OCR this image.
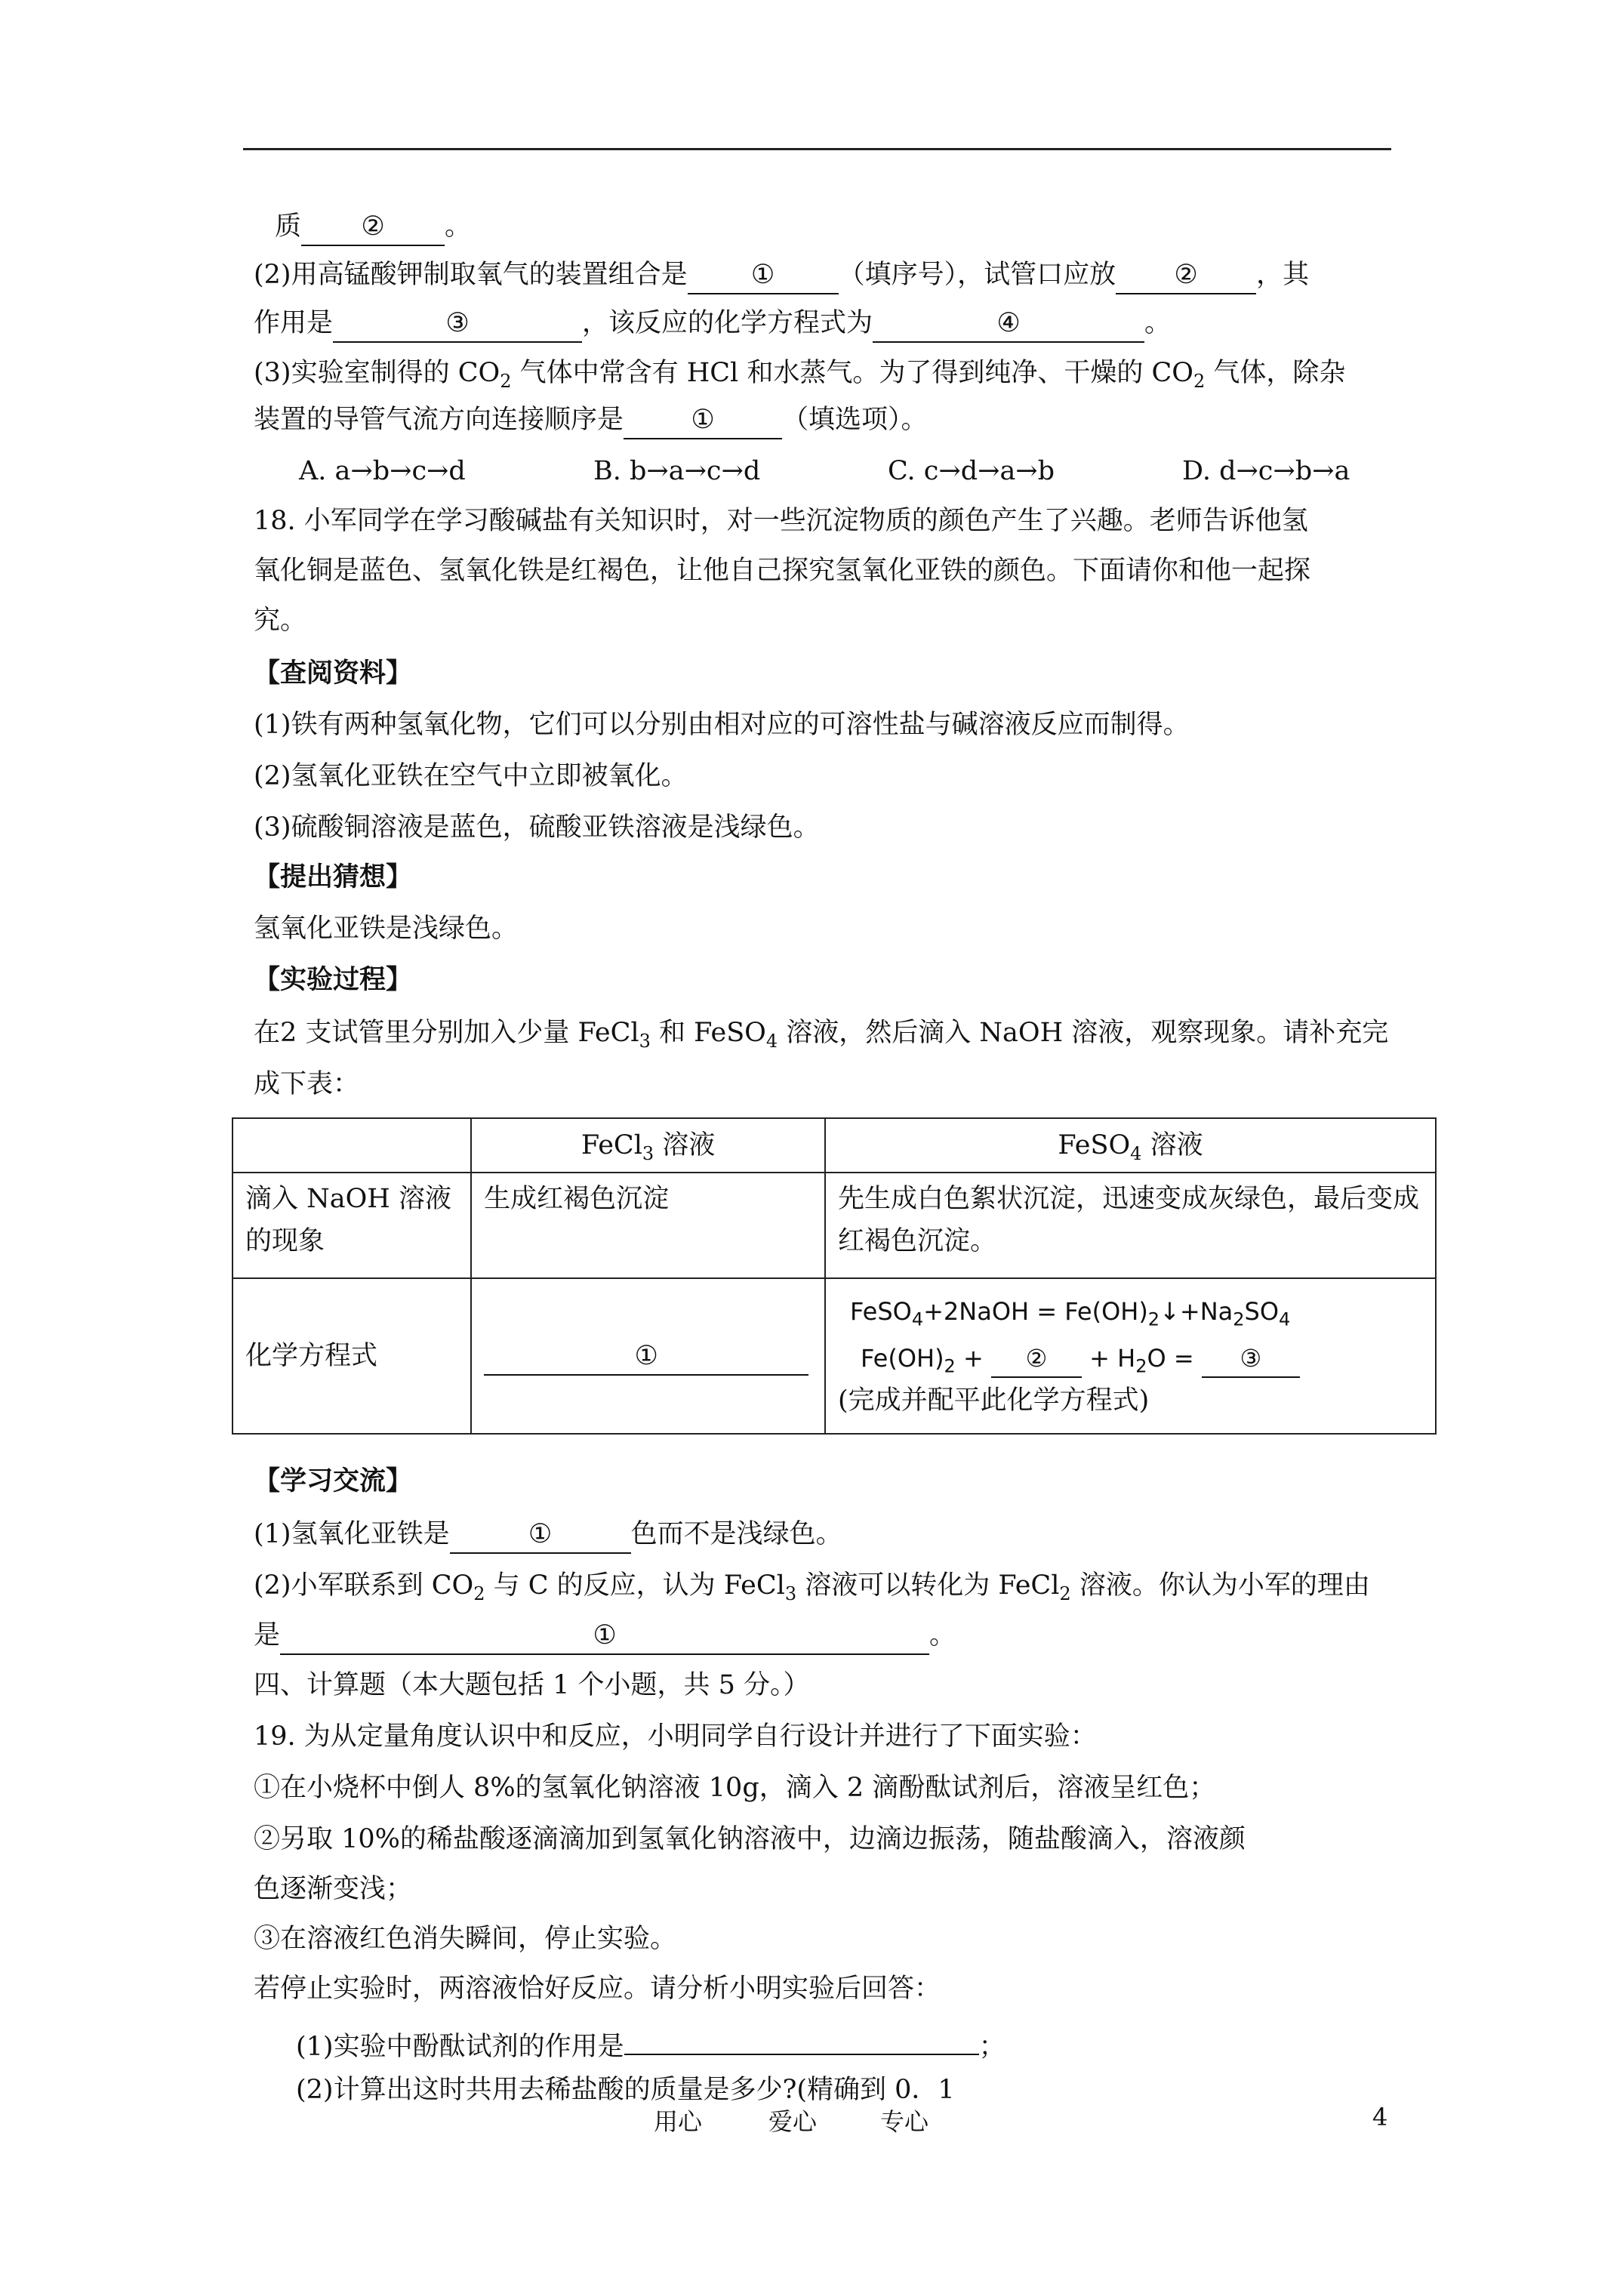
质 ② 。
(2)用高锰酸钾制取氧气的装置组合是 ① （填序号），试管口应放 ② ，其
作用是	③	，该反应的化学方程式为	④	。
(3)实验室制得的 $CO_2$ 气体中常含有 HCl 和水蒸气。为了得到纯净、干燥的 $CO_2$ 气体，除杂
装置的导管气流方向连接顺序是	①	（填选项）。
A. a→b→c→d	B. b→a→c→d	C. c→d→a→b	D. d→c→b→a
18. 小军同学在学习酸碱盐有关知识时，对一些沉淀物质的颜色产生了兴趣。老师告诉他氢
氧化铜是蓝色、氢氧化铁是红褐色，让他自己探究氢氧化亚铁的颜色。下面请你和他一起探
究。
【查阅资料】
(1)铁有两种氢氧化物，它们可以分别由相对应的可溶性盐与碱溶液反应而制得。
(2)氢氧化亚铁在空气中立即被氧化。
(3)硫酸铜溶液是蓝色，硫酸亚铁溶液是浅绿色。
【提出猜想】
氢氧化亚铁是浅绿色。
【实验过程】
在2 支试管里分别加入少量 FeCl$_3$ 和 FeSO$_4$ 溶液，然后滴入 NaOH 溶液，观察现象。请补充完
成下表：
	FeCl$_3$ 溶液	FeSO$_4$ 溶液
滴入 NaOH 溶液的现象	生成红褐色沉淀	先生成白色絮状沉淀，迅速变成灰绿色，最后变成红褐色沉淀。
化学方程式	①	FeSO$_4$+2NaOH = $Fe(OH)_2↓+Na_2SO_4$
$Fe(OH)_2$ + ② + $H_2O$ = ③
(完成并配平此化学方程式)
【学习交流】
(1)氢氧化亚铁是	①	色而不是浅绿色。
(2)小军联系到 $CO_2$ 与 C 的反应，认为 FeCl$_3$ 溶液可以转化为 FeCl$_2$ 溶液。你认为小军的理由
是	①	。
四、计算题（本大题包括 1 个小题，共 5 分。）
19. 为从定量角度认识中和反应，小明同学自行设计并进行了下面实验：
①在小烧杯中倒人 8%的氢氧化钠溶液 10g，滴入 2 滴酚酞试剂后，溶液呈红色；
②另取 10%的稀盐酸逐滴滴加到氢氧化钠溶液中，边滴边振荡，随盐酸滴入，溶液颜
色逐渐变浅；
③在溶液红色消失瞬间，停止实验。
若停止实验时，两溶液恰好反应。请分析小明实验后回答：
(1)实验中酚酞试剂的作用是	；
(2)计算出这时共用去稀盐酸的质量是多少?(精确到 0．1
用心	爱心	专心	4
